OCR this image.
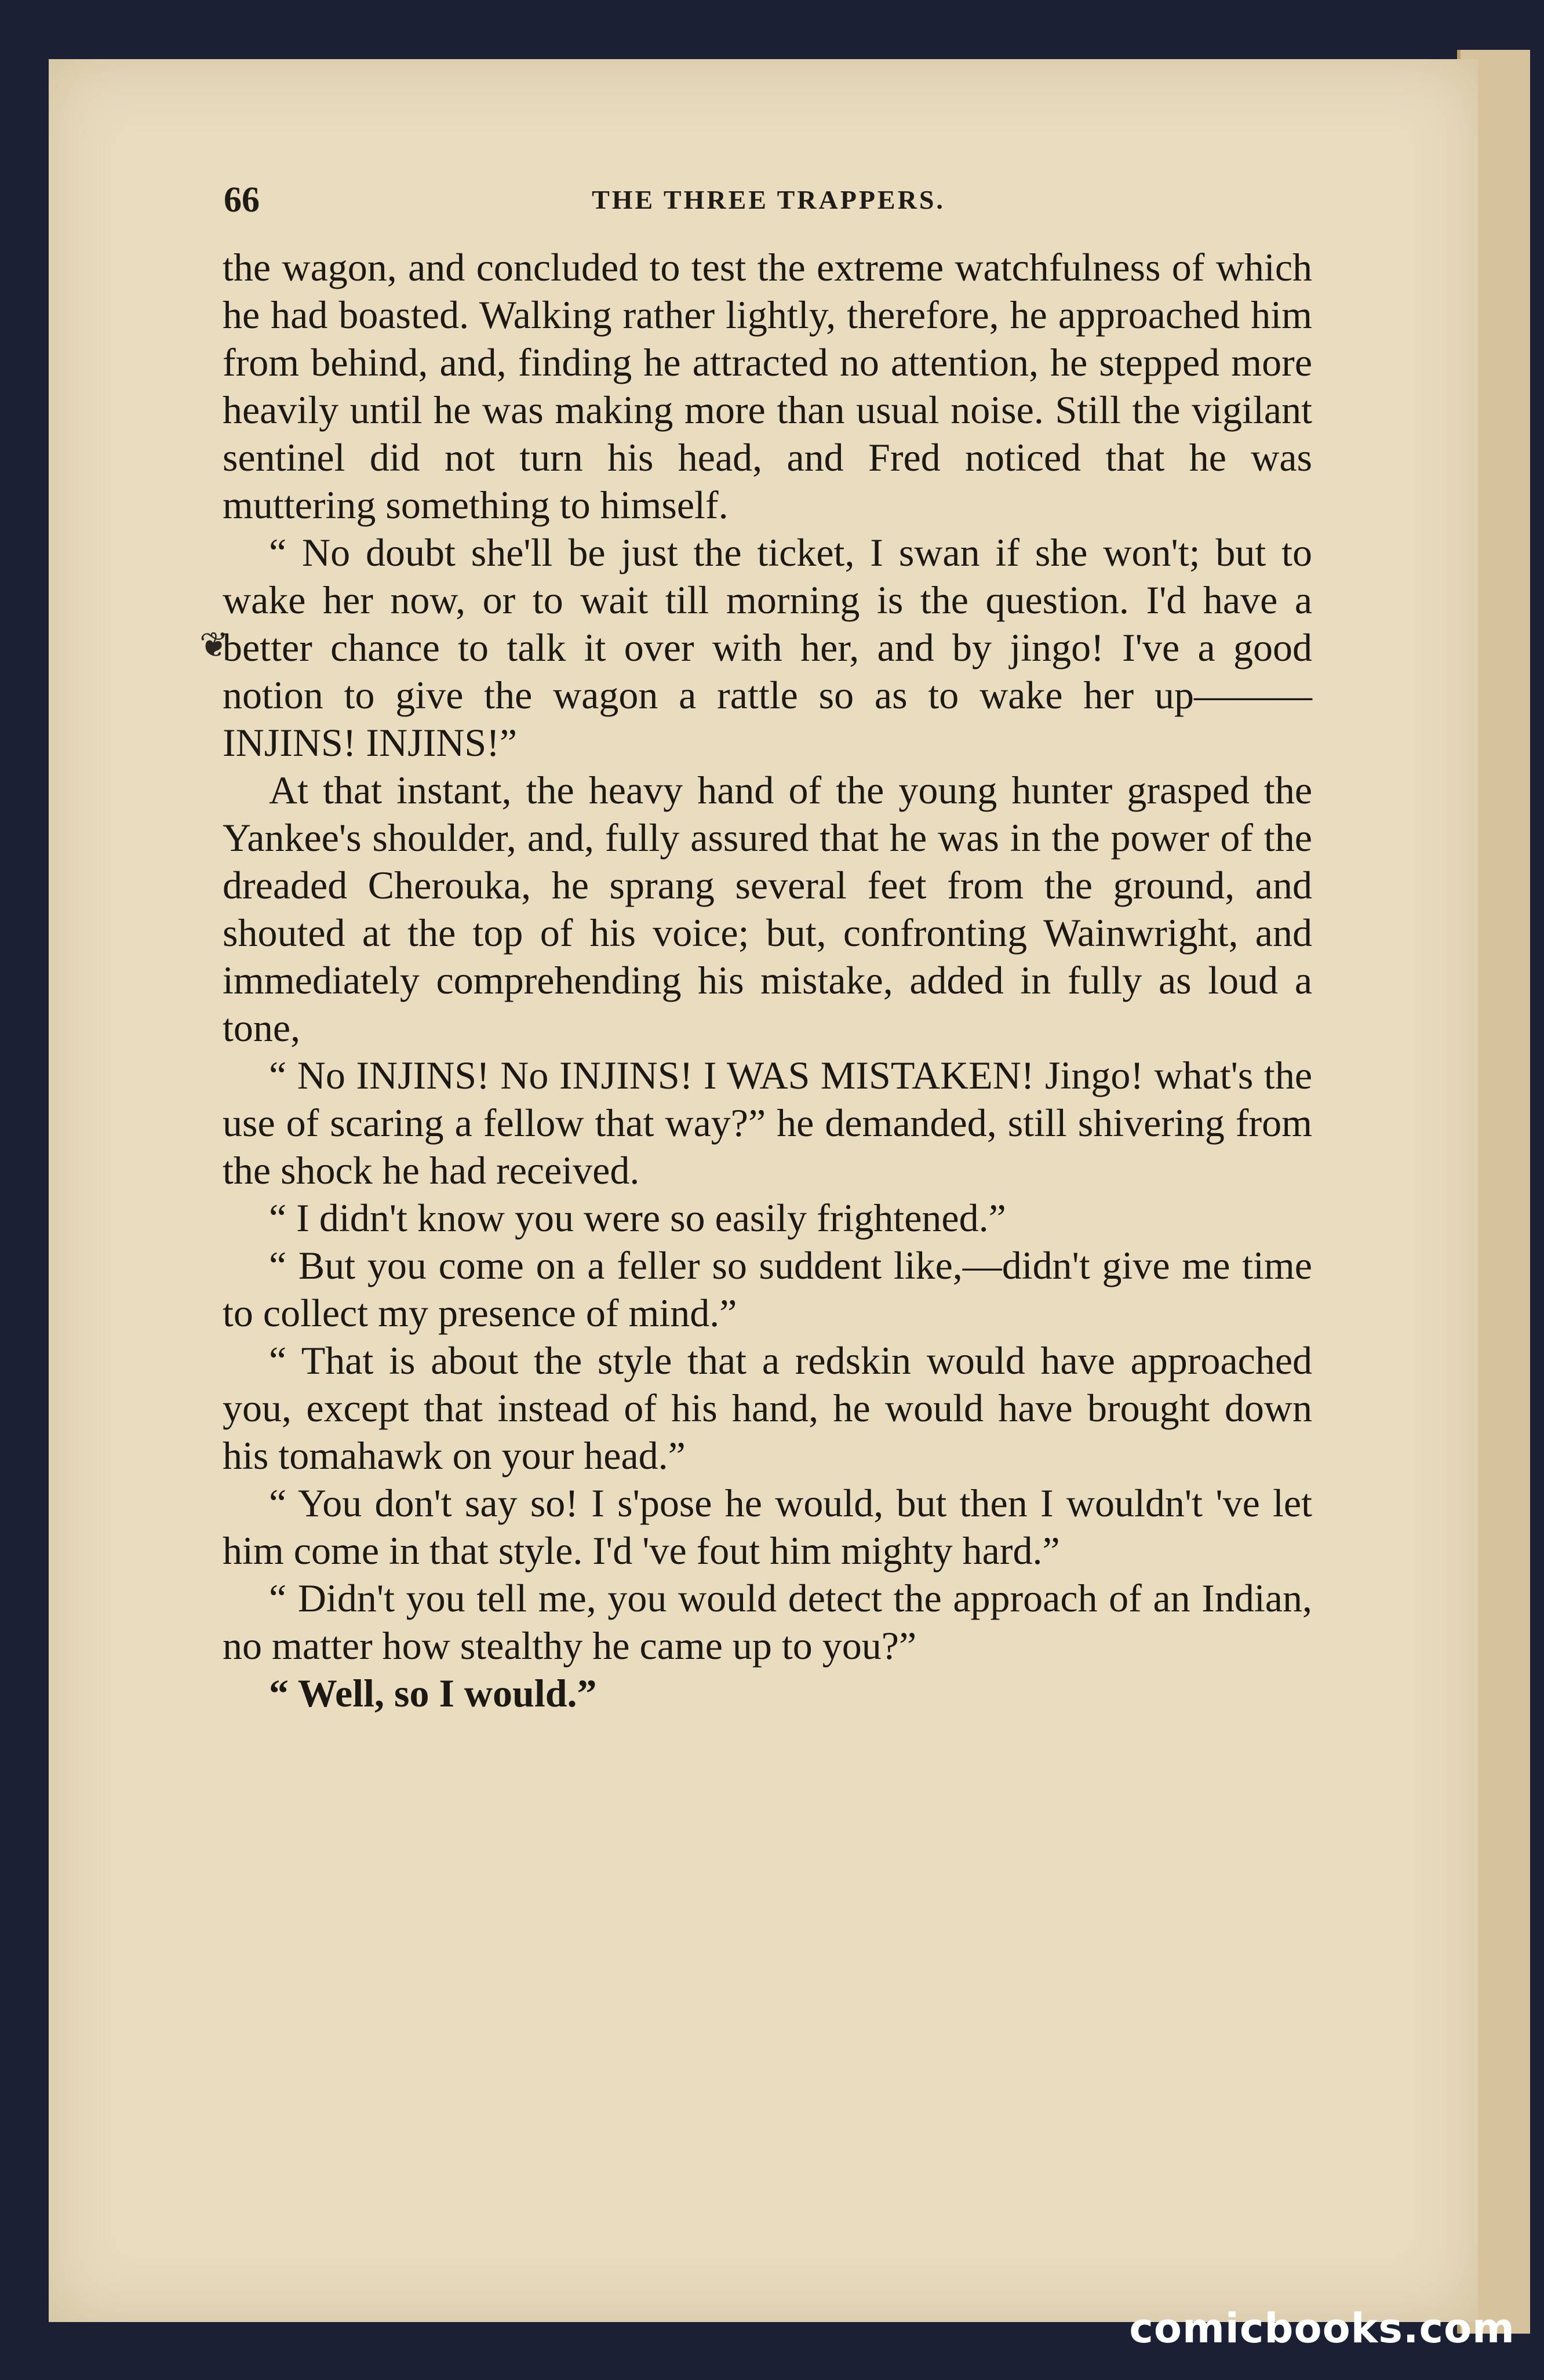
66	THE THREE TRAPPERS.
❦

the wagon, and concluded to test the extreme watchfulness of which he had boasted. Walking rather lightly, therefore, he approached him from behind, and, finding he attracted no attention, he stepped more heavily until he was making more than usual noise. Still the vigilant sentinel did not turn his head, and Fred noticed that he was muttering something to himself.

“ No doubt she'll be just the ticket, I swan if she won't; but to wake her now, or to wait till morning is the question. I'd have a better chance to talk it over with her, and by jingo! I've a good notion to give the wagon a rattle so as to wake her up———INJINS! INJINS!”

At that instant, the heavy hand of the young hunter grasped the Yankee's shoulder, and, fully assured that he was in the power of the dreaded Cherouka, he sprang several feet from the ground, and shouted at the top of his voice; but, confronting Wainwright, and immediately comprehending his mistake, added in fully as loud a tone,

“ No INJINS! No INJINS! I WAS MISTAKEN! Jingo! what's the use of scaring a fellow that way?” he demanded, still shivering from the shock he had received.

“ I didn't know you were so easily frightened.”

“ But you come on a feller so suddent like,—didn't give me time to collect my presence of mind.”

“ That is about the style that a redskin would have approached you, except that instead of his hand, he would have brought down his tomahawk on your head.”

“ You don't say so! I s'pose he would, but then I wouldn't 've let him come in that style. I'd 've fout him mighty hard.”

“ Didn't you tell me, you would detect the approach of an Indian, no matter how stealthy he came up to you?”

“ Well, so I would.”

comicbooks.com
